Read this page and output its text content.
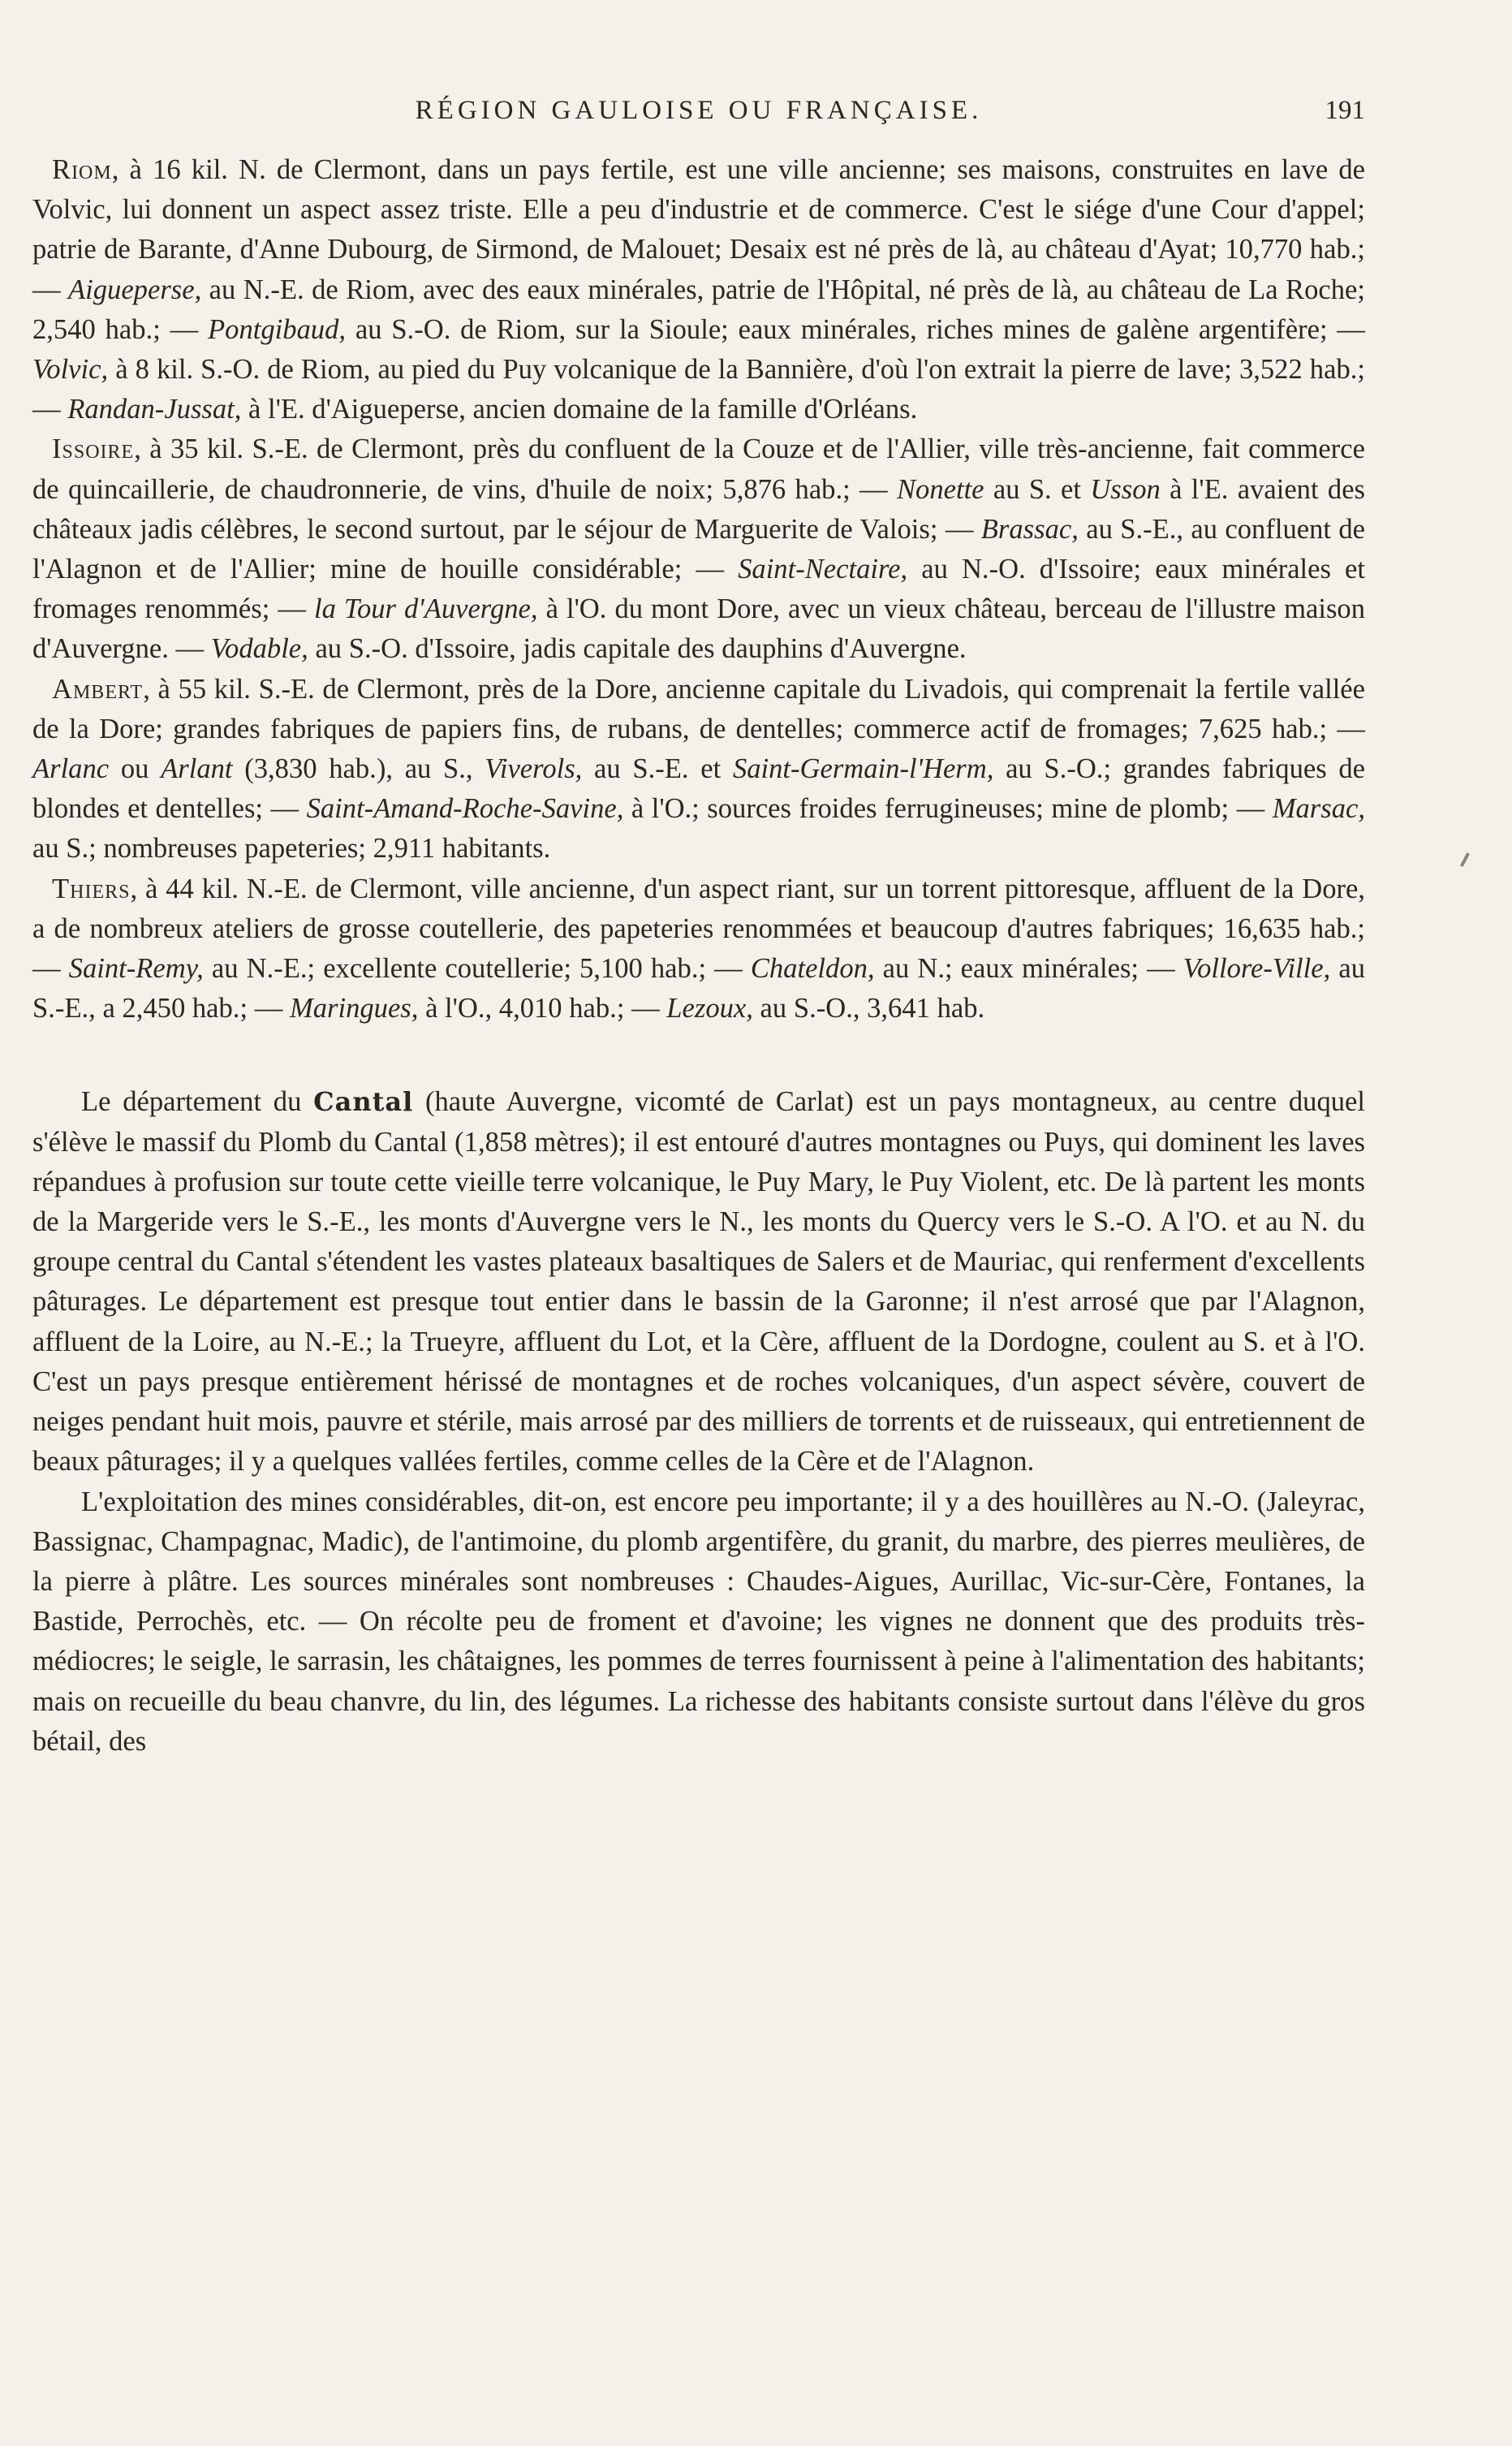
RÉGION GAULOISE OU FRANÇAISE.	191

Riom, à 16 kil. N. de Clermont, dans un pays fertile, est une ville ancienne; ses maisons, construites en lave de Volvic, lui donnent un aspect assez triste. Elle a peu d'industrie et de commerce. C'est le siége d'une Cour d'appel; patrie de Barante, d'Anne Dubourg, de Sirmond, de Malouet; Desaix est né près de là, au château d'Ayat; 10,770 hab.; — Aigueperse, au N.-E. de Riom, avec des eaux minérales, patrie de l'Hôpital, né près de là, au château de La Roche; 2,540 hab.; — Pontgibaud, au S.-O. de Riom, sur la Sioule; eaux minérales, riches mines de galène argentifère; — Volvic, à 8 kil. S.-O. de Riom, au pied du Puy volcanique de la Bannière, d'où l'on extrait la pierre de lave; 3,522 hab.; — Randan-Jussat, à l'E. d'Aigueperse, ancien domaine de la famille d'Orléans.

Issoire, à 35 kil. S.-E. de Clermont, près du confluent de la Couze et de l'Allier, ville très-ancienne, fait commerce de quincaillerie, de chaudronnerie, de vins, d'huile de noix; 5,876 hab.; — Nonette au S. et Usson à l'E. avaient des châteaux jadis célèbres, le second surtout, par le séjour de Marguerite de Valois; — Brassac, au S.-E., au confluent de l'Alagnon et de l'Allier; mine de houille considérable; — Saint-Nectaire, au N.-O. d'Issoire; eaux minérales et fromages renommés; — la Tour d'Auvergne, à l'O. du mont Dore, avec un vieux château, berceau de l'illustre maison d'Auvergne. — Vodable, au S.-O. d'Issoire, jadis capitale des dauphins d'Auvergne.

Ambert, à 55 kil. S.-E. de Clermont, près de la Dore, ancienne capitale du Livadois, qui comprenait la fertile vallée de la Dore; grandes fabriques de papiers fins, de rubans, de dentelles; commerce actif de fromages; 7,625 hab.; — Arlanc ou Arlant (3,830 hab.), au S., Viverols, au S.-E. et Saint-Germain-l'Herm, au S.-O.; grandes fabriques de blondes et dentelles; — Saint-Amand-Roche-Savine, à l'O.; sources froides ferrugineuses; mine de plomb; — Marsac, au S.; nombreuses papeteries; 2,911 habitants.

Thiers, à 44 kil. N.-E. de Clermont, ville ancienne, d'un aspect riant, sur un torrent pittoresque, affluent de la Dore, a de nombreux ateliers de grosse coutellerie, des papeteries renommées et beaucoup d'autres fabriques; 16,635 hab.; — Saint-Remy, au N.-E.; excellente coutellerie; 5,100 hab.; — Chateldon, au N.; eaux minérales; — Vollore-Ville, au S.-E., a 2,450 hab.; — Maringues, à l'O., 4,010 hab.; — Lezoux, au S.-O., 3,641 hab.

Le département du Cantal (haute Auvergne, vicomté de Carlat) est un pays montagneux, au centre duquel s'élève le massif du Plomb du Cantal (1,858 mètres); il est entouré d'autres montagnes ou Puys, qui dominent les laves répandues à profusion sur toute cette vieille terre volcanique, le Puy Mary, le Puy Violent, etc. De là partent les monts de la Margeride vers le S.-E., les monts d'Auvergne vers le N., les monts du Quercy vers le S.-O. A l'O. et au N. du groupe central du Cantal s'étendent les vastes plateaux basaltiques de Salers et de Mauriac, qui renferment d'excellents pâturages. Le département est presque tout entier dans le bassin de la Garonne; il n'est arrosé que par l'Alagnon, affluent de la Loire, au N.-E.; la Trueyre, affluent du Lot, et la Cère, affluent de la Dordogne, coulent au S. et à l'O. C'est un pays presque entièrement hérissé de montagnes et de roches volcaniques, d'un aspect sévère, couvert de neiges pendant huit mois, pauvre et stérile, mais arrosé par des milliers de torrents et de ruisseaux, qui entretiennent de beaux pâturages; il y a quelques vallées fertiles, comme celles de la Cère et de l'Alagnon.

L'exploitation des mines considérables, dit-on, est encore peu importante; il y a des houillères au N.-O. (Jaleyrac, Bassignac, Champagnac, Madic), de l'antimoine, du plomb argentifère, du granit, du marbre, des pierres meulières, de la pierre à plâtre. Les sources minérales sont nombreuses : Chaudes-Aigues, Aurillac, Vic-sur-Cère, Fontanes, la Bastide, Perrochès, etc. — On récolte peu de froment et d'avoine; les vignes ne donnent que des produits très-médiocres; le seigle, le sarrasin, les châtaignes, les pommes de terres fournissent à peine à l'alimentation des habitants; mais on recueille du beau chanvre, du lin, des légumes. La richesse des habitants consiste surtout dans l'élève du gros bétail, des
